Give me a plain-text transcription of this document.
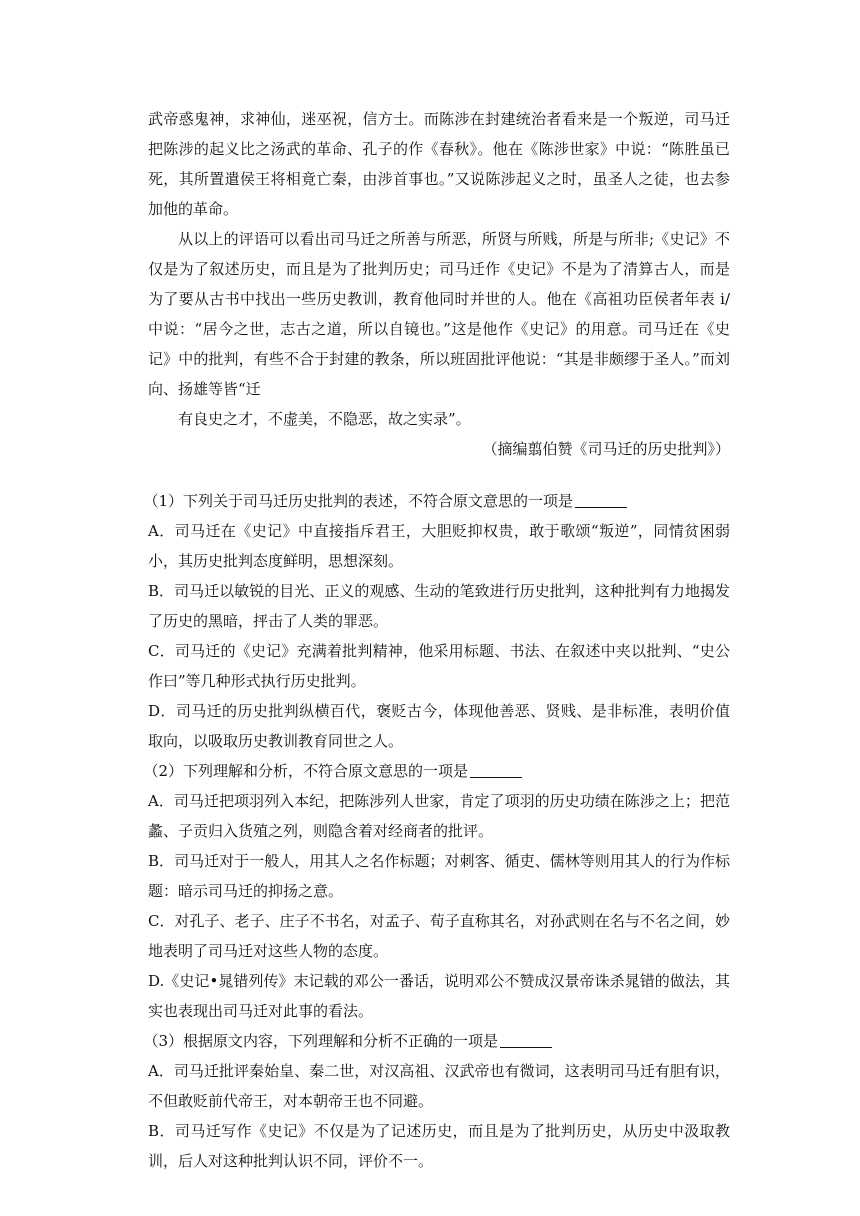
武帝惑鬼神，求神仙，迷巫祝，信方士。而陈涉在封建统治者看来是一个叛逆，司马迁把陈涉的起义比之汤武的革命、孔子的作《春秋》。他在《陈涉世家》中说：“陈胜虽已死，其所置遣侯王将相竟亡秦，由涉首事也。”又说陈涉起义之时，虽圣人之徒，也去参加他的革命。

从以上的评语可以看出司马迁之所善与所恶，所贤与所贱，所是与所非;《史记》不仅是为了叙述历史，而且是为了批判历史；司马迁作《史记》不是为了清算古人，而是为了要从古书中找出一些历史教训，教育他同时并世的人。他在《高祖功臣侯者年表 i/中说：“居今之世，志古之道，所以自镜也。”这是他作《史记》的用意。司马迁在《史记》中的批判，有些不合于封建的教条，所以班固批评他说：“其是非颇缪于圣人。”而刘向、扬雄等皆“迁

有良史之才，不虚美，不隐恶，故之实录”。

（摘编翦伯赞《司马迁的历史批判》）

（1）下列关于司马迁历史批判的表述，不符合原文意思的一项是

A．司马迁在《史记》中直接指斥君王，大胆贬抑权贵，敢于歌颂“叛逆”，同情贫困弱小，其历史批判态度鲜明，思想深刻。

B．司马迁以敏锐的目光、正义的观感、生动的笔致进行历史批判，这种批判有力地揭发了历史的黑暗，抨击了人类的罪恶。

C．司马迁的《史记》充满着批判精神，他采用标题、书法、在叙述中夹以批判、“史公作曰”等几种形式执行历史批判。

D．司马迁的历史批判纵横百代，褒贬古今，体现他善恶、贤贱、是非标准，表明价值取向，以吸取历史教训教育同世之人。

（2）下列理解和分析，不符合原文意思的一项是

A．司马迁把项羽列入本纪，把陈涉列人世家，肯定了项羽的历史功绩在陈涉之上；把范蠡、子贡归入货殖之列，则隐含着对经商者的批评。

B．司马迁对于一般人，用其人之名作标题；对刺客、循吏、儒林等则用其人的行为作标题：暗示司马迁的抑扬之意。

C．对孔子、老子、庄子不书名，对孟子、荀子直称其名，对孙武则在名与不名之间，妙地表明了司马迁对这些人物的态度。

D.《史记•晁错列传》末记载的邓公一番话，说明邓公不赞成汉景帝诛杀晁错的做法，其实也表现出司马迁对此事的看法。

（3）根据原文内容，下列理解和分析不正确的一项是

A．司马迁批评秦始皇、秦二世，对汉高祖、汉武帝也有微词，这表明司马迁有胆有识，不但敢贬前代帝王，对本朝帝王也不同避。

B．司马迁写作《史记》不仅是为了记述历史，而且是为了批判历史，从历史中汲取教训，后人对这种批判认识不同，评价不一。
